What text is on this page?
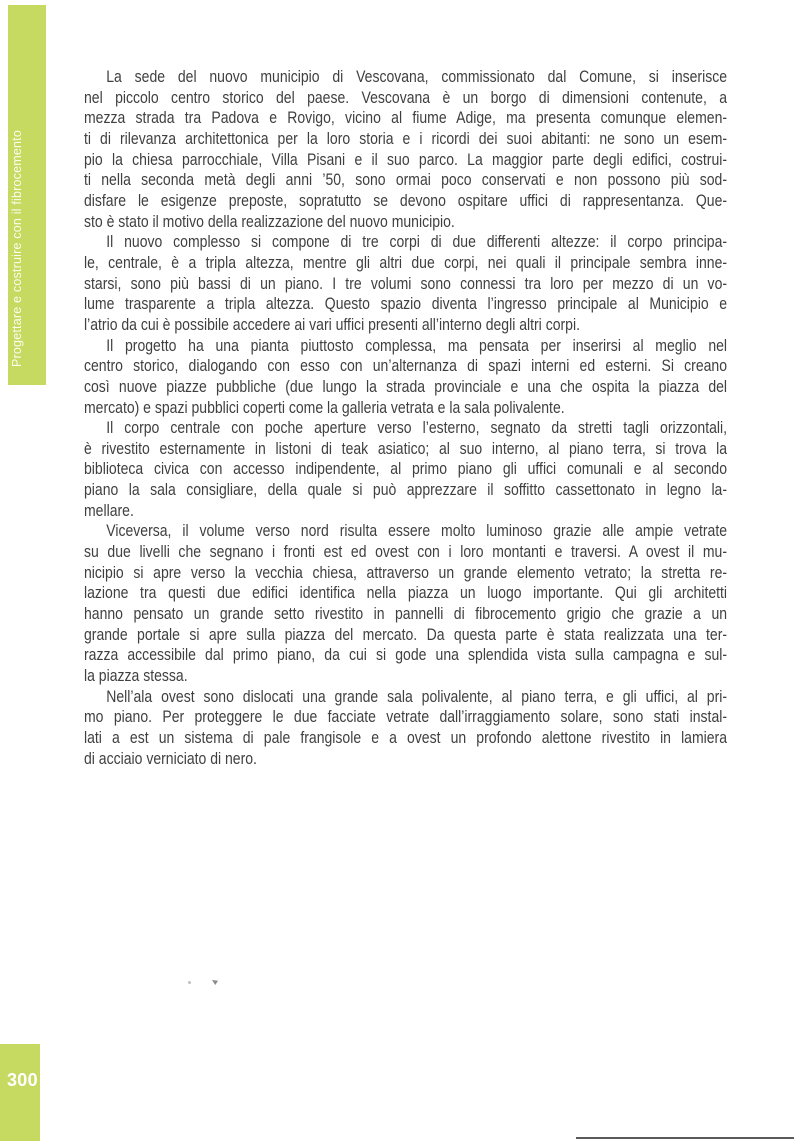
Progettare e costruire con il fibrocemento
La sede del nuovo municipio di Vescovana, commissionato dal Comune, si inserisce
nel piccolo centro storico del paese. Vescovana è un borgo di dimensioni contenute, a
mezza strada tra Padova e Rovigo, vicino al fiume Adige, ma presenta comunque elemen-
ti di rilevanza architettonica per la loro storia e i ricordi dei suoi abitanti: ne sono un esem-
pio la chiesa parrocchiale, Villa Pisani e il suo parco. La maggior parte degli edifici, costrui-
ti nella seconda metà degli anni ’50, sono ormai poco conservati e non possono più sod-
disfare le esigenze preposte, sopratutto se devono ospitare uffici di rappresentanza. Que-
sto è stato il motivo della realizzazione del nuovo municipio.
Il nuovo complesso si compone di tre corpi di due differenti altezze: il corpo principa-
le, centrale, è a tripla altezza, mentre gli altri due corpi, nei quali il principale sembra inne-
starsi, sono più bassi di un piano. I tre volumi sono connessi tra loro per mezzo di un vo-
lume trasparente a tripla altezza. Questo spazio diventa l’ingresso principale al Municipio e
l’atrio da cui è possibile accedere ai vari uffici presenti all’interno degli altri corpi.
Il progetto ha una pianta piuttosto complessa, ma pensata per inserirsi al meglio nel
centro storico, dialogando con esso con un’alternanza di spazi interni ed esterni. Si creano
così nuove piazze pubbliche (due lungo la strada provinciale e una che ospita la piazza del
mercato) e spazi pubblici coperti come la galleria vetrata e la sala polivalente.
Il corpo centrale con poche aperture verso l’esterno, segnato da stretti tagli orizzontali,
è rivestito esternamente in listoni di teak asiatico; al suo interno, al piano terra, si trova la
biblioteca civica con accesso indipendente, al primo piano gli uffici comunali e al secondo
piano la sala consigliare, della quale si può apprezzare il soffitto cassettonato in legno la-
mellare.
Viceversa, il volume verso nord risulta essere molto luminoso grazie alle ampie vetrate
su due livelli che segnano i fronti est ed ovest con i loro montanti e traversi. A ovest il mu-
nicipio si apre verso la vecchia chiesa, attraverso un grande elemento vetrato; la stretta re-
lazione tra questi due edifici identifica nella piazza un luogo importante. Qui gli architetti
hanno pensato un grande setto rivestito in pannelli di fibrocemento grigio che grazie a un
grande portale si apre sulla piazza del mercato. Da questa parte è stata realizzata una ter-
razza accessibile dal primo piano, da cui si gode una splendida vista sulla campagna e sul-
la piazza stessa.
Nell’ala ovest sono dislocati una grande sala polivalente, al piano terra, e gli uffici, al pri-
mo piano. Per proteggere le due facciate vetrate dall’irraggiamento solare, sono stati instal-
lati a est un sistema di pale frangisole e a ovest un profondo alettone rivestito in lamiera
di acciaio verniciato di nero.
300
